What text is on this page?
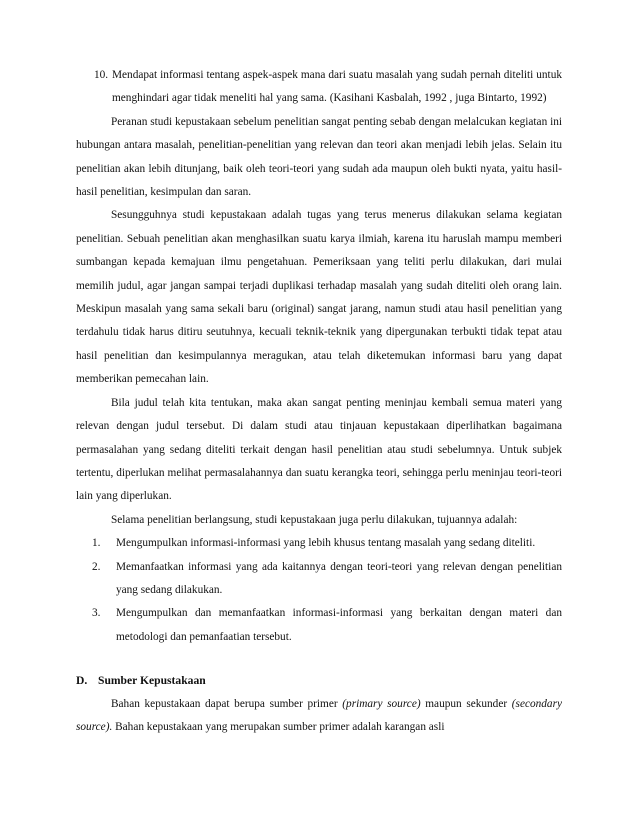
10. Mendapat informasi tentang aspek-aspek mana dari suatu masalah yang sudah pernah diteliti untuk menghindari agar tidak meneliti hal yang sama. (Kasihani Kasbalah, 1992 , juga Bintarto, 1992)

Peranan studi kepustakaan sebelum penelitian sangat penting sebab dengan melalcukan kegiatan ini hubungan antara masalah, penelitian-penelitian yang relevan dan teori akan menjadi lebih jelas. Selain itu penelitian akan lebih ditunjang, baik oleh teori-teori yang sudah ada maupun oleh bukti nyata, yaitu hasil-hasil penelitian, kesimpulan dan saran.

Sesungguhnya studi kepustakaan adalah tugas yang terus menerus dilakukan selama kegiatan penelitian. Sebuah penelitian akan menghasilkan suatu karya ilmiah, karena itu haruslah mampu memberi sumbangan kepada kemajuan ilmu pengetahuan. Pemeriksaan yang teliti perlu dilakukan, dari mulai memilih judul, agar jangan sampai terjadi duplikasi terhadap masalah yang sudah diteliti oleh orang lain. Meskipun masalah yang sama sekali baru (original) sangat jarang, namun studi atau hasil penelitian yang terdahulu tidak harus ditiru seutuhnya, kecuali teknik-teknik yang dipergunakan terbukti tidak tepat atau hasil penelitian dan kesimpulannya meragukan, atau telah diketemukan informasi baru yang dapat memberikan pemecahan lain.

Bila judul telah kita tentukan, maka akan sangat penting meninjau kembali semua materi yang relevan dengan judul tersebut. Di dalam studi atau tinjauan kepustakaan diperlihatkan bagaimana permasalahan yang sedang diteliti terkait dengan hasil penelitian atau studi sebelumnya. Untuk subjek tertentu, diperlukan melihat permasalahannya dan suatu kerangka teori, sehingga perlu meninjau teori-teori lain yang diperlukan.

Selama penelitian berlangsung, studi kepustakaan juga perlu dilakukan, tujuannya adalah:

1.	Mengumpulkan informasi-informasi yang lebih khusus tentang masalah yang sedang diteliti.

2.	Memanfaatkan informasi yang ada kaitannya dengan teori-teori yang relevan dengan penelitian yang sedang dilakukan.

3.	Mengumpulkan dan memanfaatkan informasi-informasi yang berkaitan dengan materi dan metodologi dan pemanfaatian tersebut.

D. Sumber Kepustakaan

Bahan kepustakaan dapat berupa sumber primer (primary source) maupun sekunder (secondary source). Bahan kepustakaan yang merupakan sumber primer adalah karangan asli
